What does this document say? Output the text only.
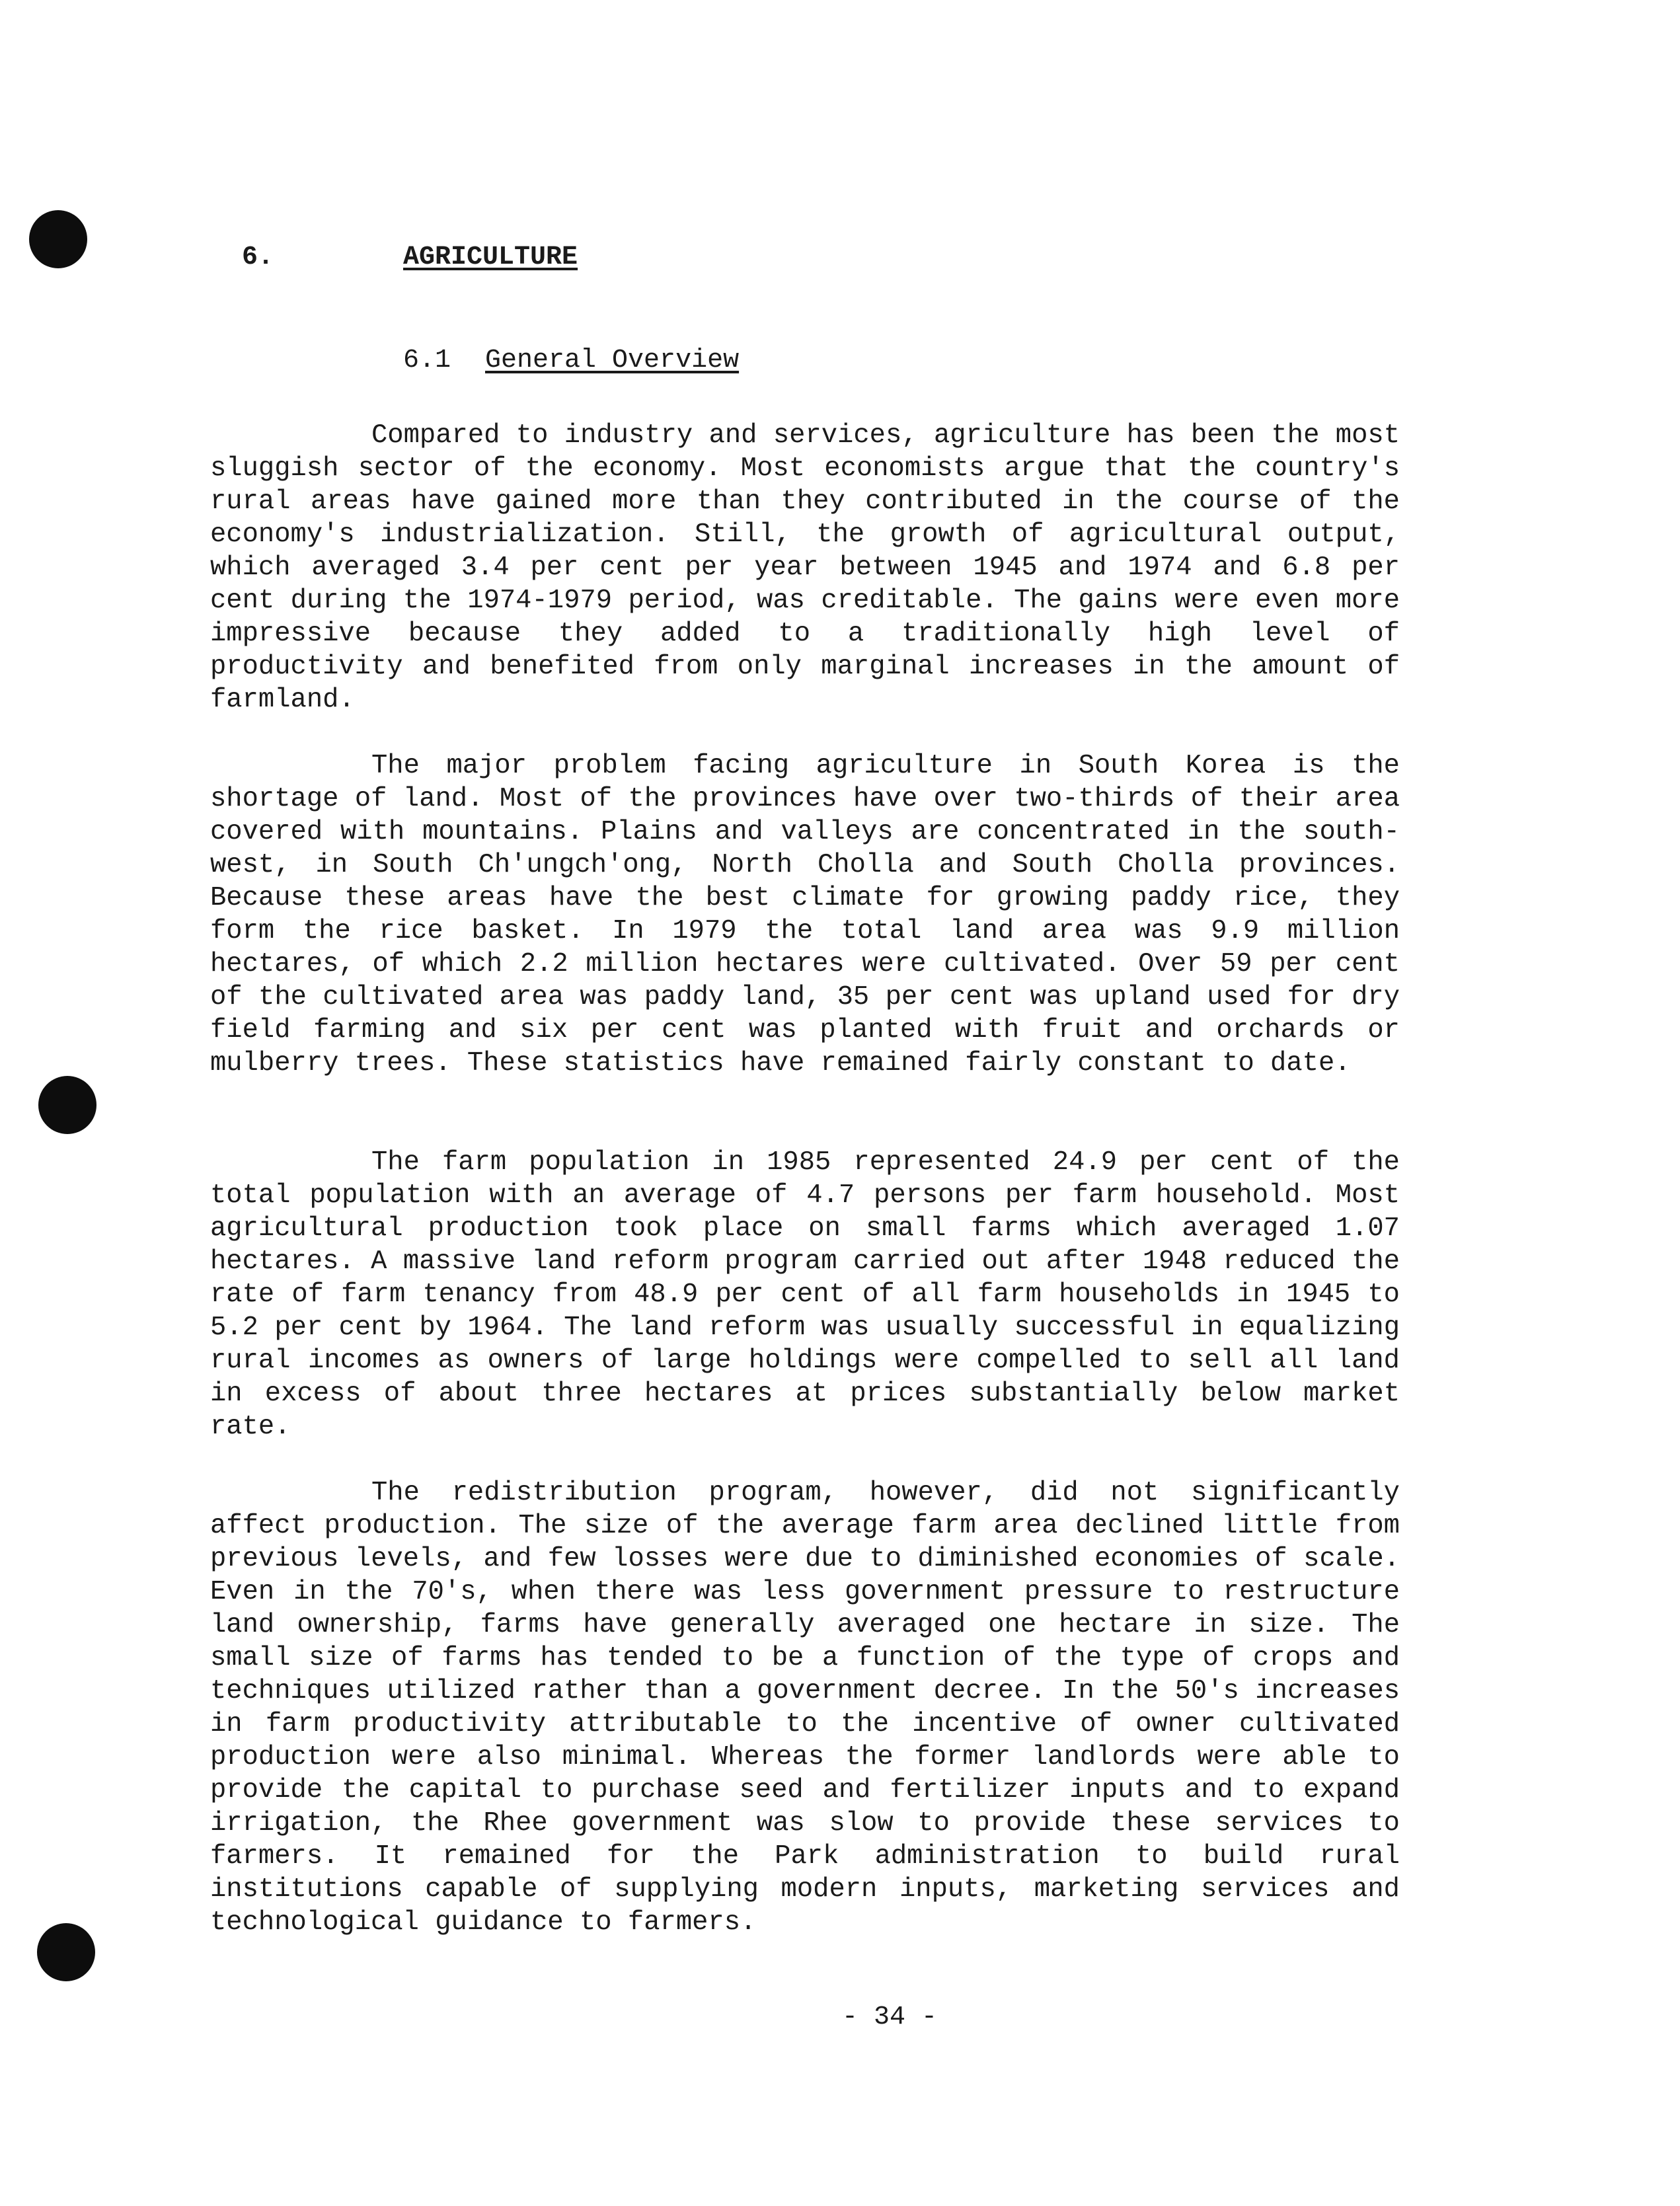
6.	AGRICULTURE

6.1 General Overview

Compared to industry and services, agriculture has been the most sluggish sector of the economy. Most economists argue that the country's rural areas have gained more than they contributed in the course of the economy's industrialization. Still, the growth of agricultural output, which averaged 3.4 per cent per year between 1945 and 1974 and 6.8 per cent during the 1974-1979 period, was creditable. The gains were even more impressive because they added to a traditionally high level of productivity and benefited from only marginal increases in the amount of farmland.

The major problem facing agriculture in South Korea is the shortage of land. Most of the provinces have over two-thirds of their area covered with mountains. Plains and valleys are concentrated in the south-west, in South Ch'ungch'ong, North Cholla and South Cholla provinces. Because these areas have the best climate for growing paddy rice, they form the rice basket. In 1979 the total land area was 9.9 million hectares, of which 2.2 million hectares were cultivated. Over 59 per cent of the cultivated area was paddy land, 35 per cent was upland used for dry field farming and six per cent was planted with fruit and orchards or mulberry trees. These statistics have remained fairly constant to date.

The farm population in 1985 represented 24.9 per cent of the total population with an average of 4.7 persons per farm household. Most agricultural production took place on small farms which averaged 1.07 hectares. A massive land reform program carried out after 1948 reduced the rate of farm tenancy from 48.9 per cent of all farm households in 1945 to 5.2 per cent by 1964. The land reform was usually successful in equalizing rural incomes as owners of large holdings were compelled to sell all land in excess of about three hectares at prices substantially below market rate.

The redistribution program, however, did not significantly affect production. The size of the average farm area declined little from previous levels, and few losses were due to diminished economies of scale. Even in the 70's, when there was less government pressure to restructure land ownership, farms have generally averaged one hectare in size. The small size of farms has tended to be a function of the type of crops and techniques utilized rather than a government decree. In the 50's increases in farm productivity attributable to the incentive of owner cultivated production were also minimal. Whereas the former landlords were able to provide the capital to purchase seed and fertilizer inputs and to expand irrigation, the Rhee government was slow to provide these services to farmers. It remained for the Park administration to build rural institutions capable of supplying modern inputs, marketing services and technological guidance to farmers.

- 34 -
